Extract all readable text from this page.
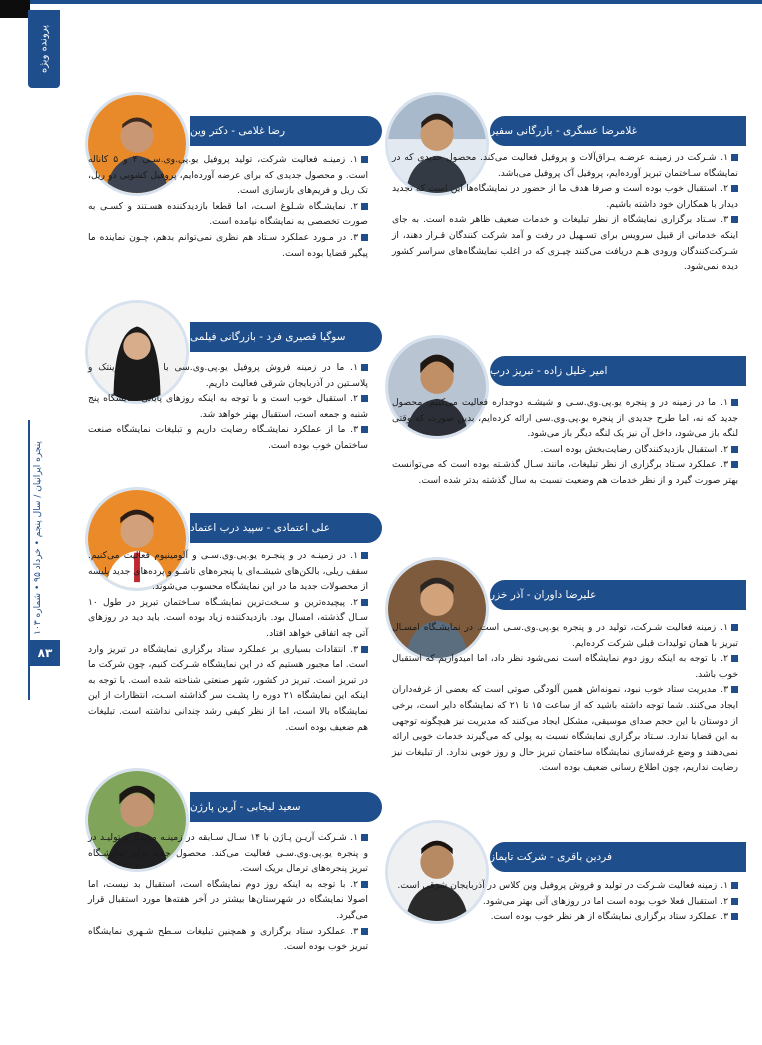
پرونده ویژه
پنجره ایرانیان / سال پنجم • خرداد ۹۵ • شماره ۱۰۳
۸۳
غلامرضا عسگری - بازرگانی سفیر

۱. شـرکت در زمینـه عرضـه یـراق‌آلات و پروفیل فعالیت می‌کند. محصول جدیدی که در نمایشگاه سـاختمان تبریز آورده‌ایم، پروفیل آک پروفیل می‌باشد.

۲. استقبال خوب بوده است و صرفا هدف ما از حضور در نمایشگاه‌ها این است که تجدید دیدار با همکاران خود داشته باشیم.

۳. سـتاد برگزاری نمایشگاه از نظر تبلیغات و خدمات ضعیف ظاهر شده است. به جای اینکه خدماتی از قبیل سرویس برای تسـهیل در رفت و آمد شرکت کنندگان قـرار دهند، از شـرکت‌کنندگان ورودی هـم دریافت می‌کنند چیـزی که در اغلب نمایشگاه‌های سراسر کشور دیده نمی‌شود.

امیر خلیل زاده - تبریز درب

۱. ما در زمینه در و پنجره یو.پی.وی.سـی و شیشـه دوجداره فعالیت می‌کنیم. محصول جدید که نه، اما طرح جدیدی از پنجره یو.پی.وی.سی ارائه کرده‌ایم، بدین صورت که وقتی لنگه باز می‌شود، داخل آن نیز یک لنگه دیگر باز می‌شود.

۲. استقبال بازدیدکنندگان رضایت‌بخش بوده است.

۳. عملکرد سـتاد برگزاری از نظر تبلیغات، مانند سـال گذشـته بوده است که می‌توانست بهتر صورت گیرد و از نظر خدمات هم وضعیت نسبت به سال گذشته بدتر شده است.

علیرضا داوران - آذر خزر

۱. زمینه فعالیت شـرکت، تولید در و پنجره یو.پی.وی.سـی است. در نمایشـگاه امسـال تبریز با همان تولیدات قبلی شرکت کرده‌ایم.

۲. با توجه به اینکه روز دوم نمایشگاه است نمی‌شود نظر داد، اما امیدواریم که استقبال خوب باشد.

۳. مدیریت ستاد خوب نبود، نمونه‌اش همین آلودگی صوتی است که بعضی از غرفه‌داران ایجاد می‌کنند. شما توجه داشته باشید که از ساعت ۱۵ تا ۲۱ که نمایشگاه دایر است، برخی از دوستان با این حجم صدای موسیقی، مشکل ایجاد می‌کنند که مدیریت نیز هیچگونه توجهی به این قضایا ندارد. سـتاد برگزاری نمایشگاه نسبت به پولی که می‌گیرند خدمات خوبی ارائه نمی‌دهند و وضع غرفه‌سازی نمایشگاه ساختمان تبریز حال و روز خوبی ندارد. از تبلیغات نیز رضایت نداریم، چون اطلاع رسانی ضعیف بوده است.

فردین باقری - شرکت تاپماز

۱. زمینه فعالیت شـرکت در تولید و فروش پروفیل وین کلاس در آذربایجان شرقی است.

۲. استقبال فعلا خوب بوده است اما در روزهای آتی بهتر می‌شود.

۳. عملکرد ستاد برگزاری نمایشگاه از هر نظر خوب بوده است.

رضا غلامی - دکتر وین

۱. زمینـه فعالیت شرکت، تولید پروفیل یو.پی.وی.سـی ۴ و ۵ کاناله است. و محصول جدیدی که برای عرضه آورده‌ایم، پروفیل کشویی دو ریل، تک ریل و فریم‌های بازسازی است.

۲. نمایشـگاه شـلوغ اسـت، اما قطعا بازدیدکننده هسـتند و کسـی به صورت تخصصی به نمایشگاه نیامده است.

۳. در مـورد عملکرد سـتاد هم نظری نمی‌توانم بدهم، چـون نماینده ما پیگیر قضایا بوده است.

سوگیا قصیری فرد - بازرگانی فیلمی

۱. ما در زمینه فروش پروفیل یو.پی.وی.سی با برندهـای وینتک و پلاسـتین در آذربایجان شرقی فعالیت داریم.

۲. استقبال خوب است و با توجه به اینکه روزهای پایانی نمایشگاه پنج شنبه و جمعه است، استقبال بهتر خواهد شد.

۳. ما از عملکرد نمایشـگاه رضایت داریم و تبلیغات نمایشگاه صنعت ساختمان خوب بوده است.

علی اعتمادی - سپید درب اعتماد

۱. در زمینـه در و پنجـره یو.پی.وی.سـی و آلومینیوم فعالیت می‌کنیم. سقف ریلی، بالکن‌های شیشـه‌ای یا پنجره‌های تاشـو و پرده‌های جدید پلیسه از محصولات جدید ما در این نمایشگاه محسوب می‌شوند.

۲. پیچیده‌ترین و سـخت‌ترین نمایشـگاه سـاختمان تبریز در طول ۱۰ سـال گذشته، امسال بود. بازدیدکننده زیاد بوده است. باید دید در روزهای آتی چه اتفاقی خواهد افتاد.

۳. انتقادات بسیاری بر عملکرد ستاد برگزاری نمایشگاه در تبریز وارد است. اما مجبور هستیم که در این نمایشگاه شـرکت کنیم، چون شرکت ما در تبریز است. تبریز در کشور، شهر صنعتی شناخته شده است. با توجه به اینکه این نمایشگاه ۲۱ دوره را پشـت سر گذاشته اسـت، انتظارات از این نمایشگاه بالا است، اما از نظر کیفی رشد چندانی نداشته است. تبلیغات هم ضعیف بوده است.

سعید لیجابی - آرین پارژن

۱. شـرکت آریـن پـاژن با ۱۴ سـال سـابقه در زمینـه مونتـاژ و تولیـد در و پنجره یو.پی.وی.سـی فعالیت می‌کند. محصول جدید برای نمایشـگاه تبریز پنجره‌های ترمال بریک است.

۲. با توجه به اینکه روز دوم نمایشگاه است، استقبال بد نیست، اما اصولا نمایشگاه در شهرستان‌ها بیشتر در آخر هفته‌ها مورد استقبال قرار می‌گیرد.

۳. عملکرد ستاد برگزاری و همچنین تبلیغات سـطح شـهری نمایشگاه تبریز خوب بوده است.
